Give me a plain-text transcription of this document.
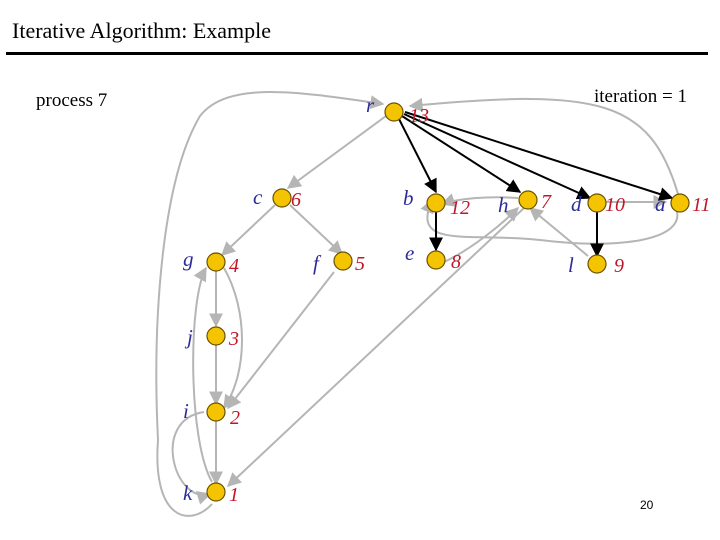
Iterative Algorithm: Example
process 7	iteration = 1
r 13
c 6	b 12 h 7 d 10 a 11
g 4	f 5 e 8	l 9
j 3
i 2
k 1	20
